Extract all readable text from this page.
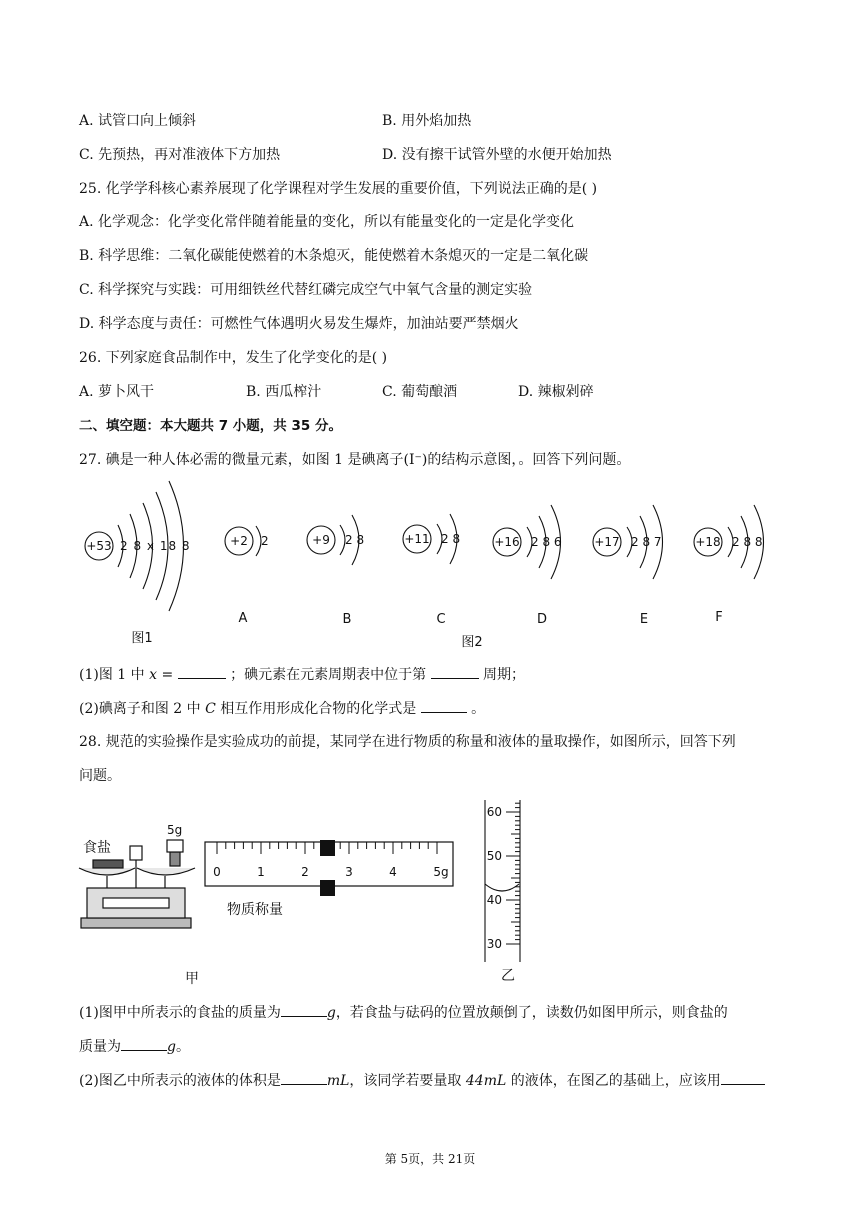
A. 试管口向上倾斜	B. 用外焰加热
C. 先预热，再对准液体下方加热	D. 没有擦干试管外壁的水便开始加热
25. 化学学科核心素养展现了化学课程对学生发展的重要价值，下列说法正确的是( )
A. 化学观念：化学变化常伴随着能量的变化，所以有能量变化的一定是化学变化
B. 科学思维：二氧化碳能使燃着的木条熄灭，能使燃着木条熄灭的一定是二氧化碳
C. 科学探究与实践：可用细铁丝代替红磷完成空气中氧气含量的测定实验
D. 科学态度与责任：可燃性气体遇明火易发生爆炸，加油站要严禁烟火
26. 下列家庭食品制作中，发生了化学变化的是( )
A. 萝卜风干	B. 西瓜榨汁	C. 葡萄酿酒	D. 辣椒剁碎
二、填空题：本大题共 7 小题，共 35 分。
27. 碘是一种人体必需的微量元素，如图 1 是碘离子(I⁻)的结构示意图，。回答下列问题。
+53 2 8 x 18 8	+2 2	+9 2 8	+11 2 8	+16 2 8 6	+17 2 8 7	+18 2 8 8
A	B	C	D	E	F
图1	图2
(1)图 1 中 x =	；碘元素在元素周期表中位于第	周期；
(2)碘离子和图 2 中 C 相互作用形成化合物的化学式是	。
28. 规范的实验操作是实验成功的前提，某同学在进行物质的称量和液体的量取操作，如图所示，回答下列
问题。
食盐
5g
0	1	2	3	4	5g
物质称量
甲
60
50
40
30
乙
(1)图甲中所表示的食盐的质量为	g，若食盐与砝码的位置放颠倒了，读数仍如图甲所示，则食盐的
质量为	g。
(2)图乙中所表示的液体的体积是	mL，该同学若要量取 44mL 的液体，在图乙的基础上，应该用
第 5页，共 21页
